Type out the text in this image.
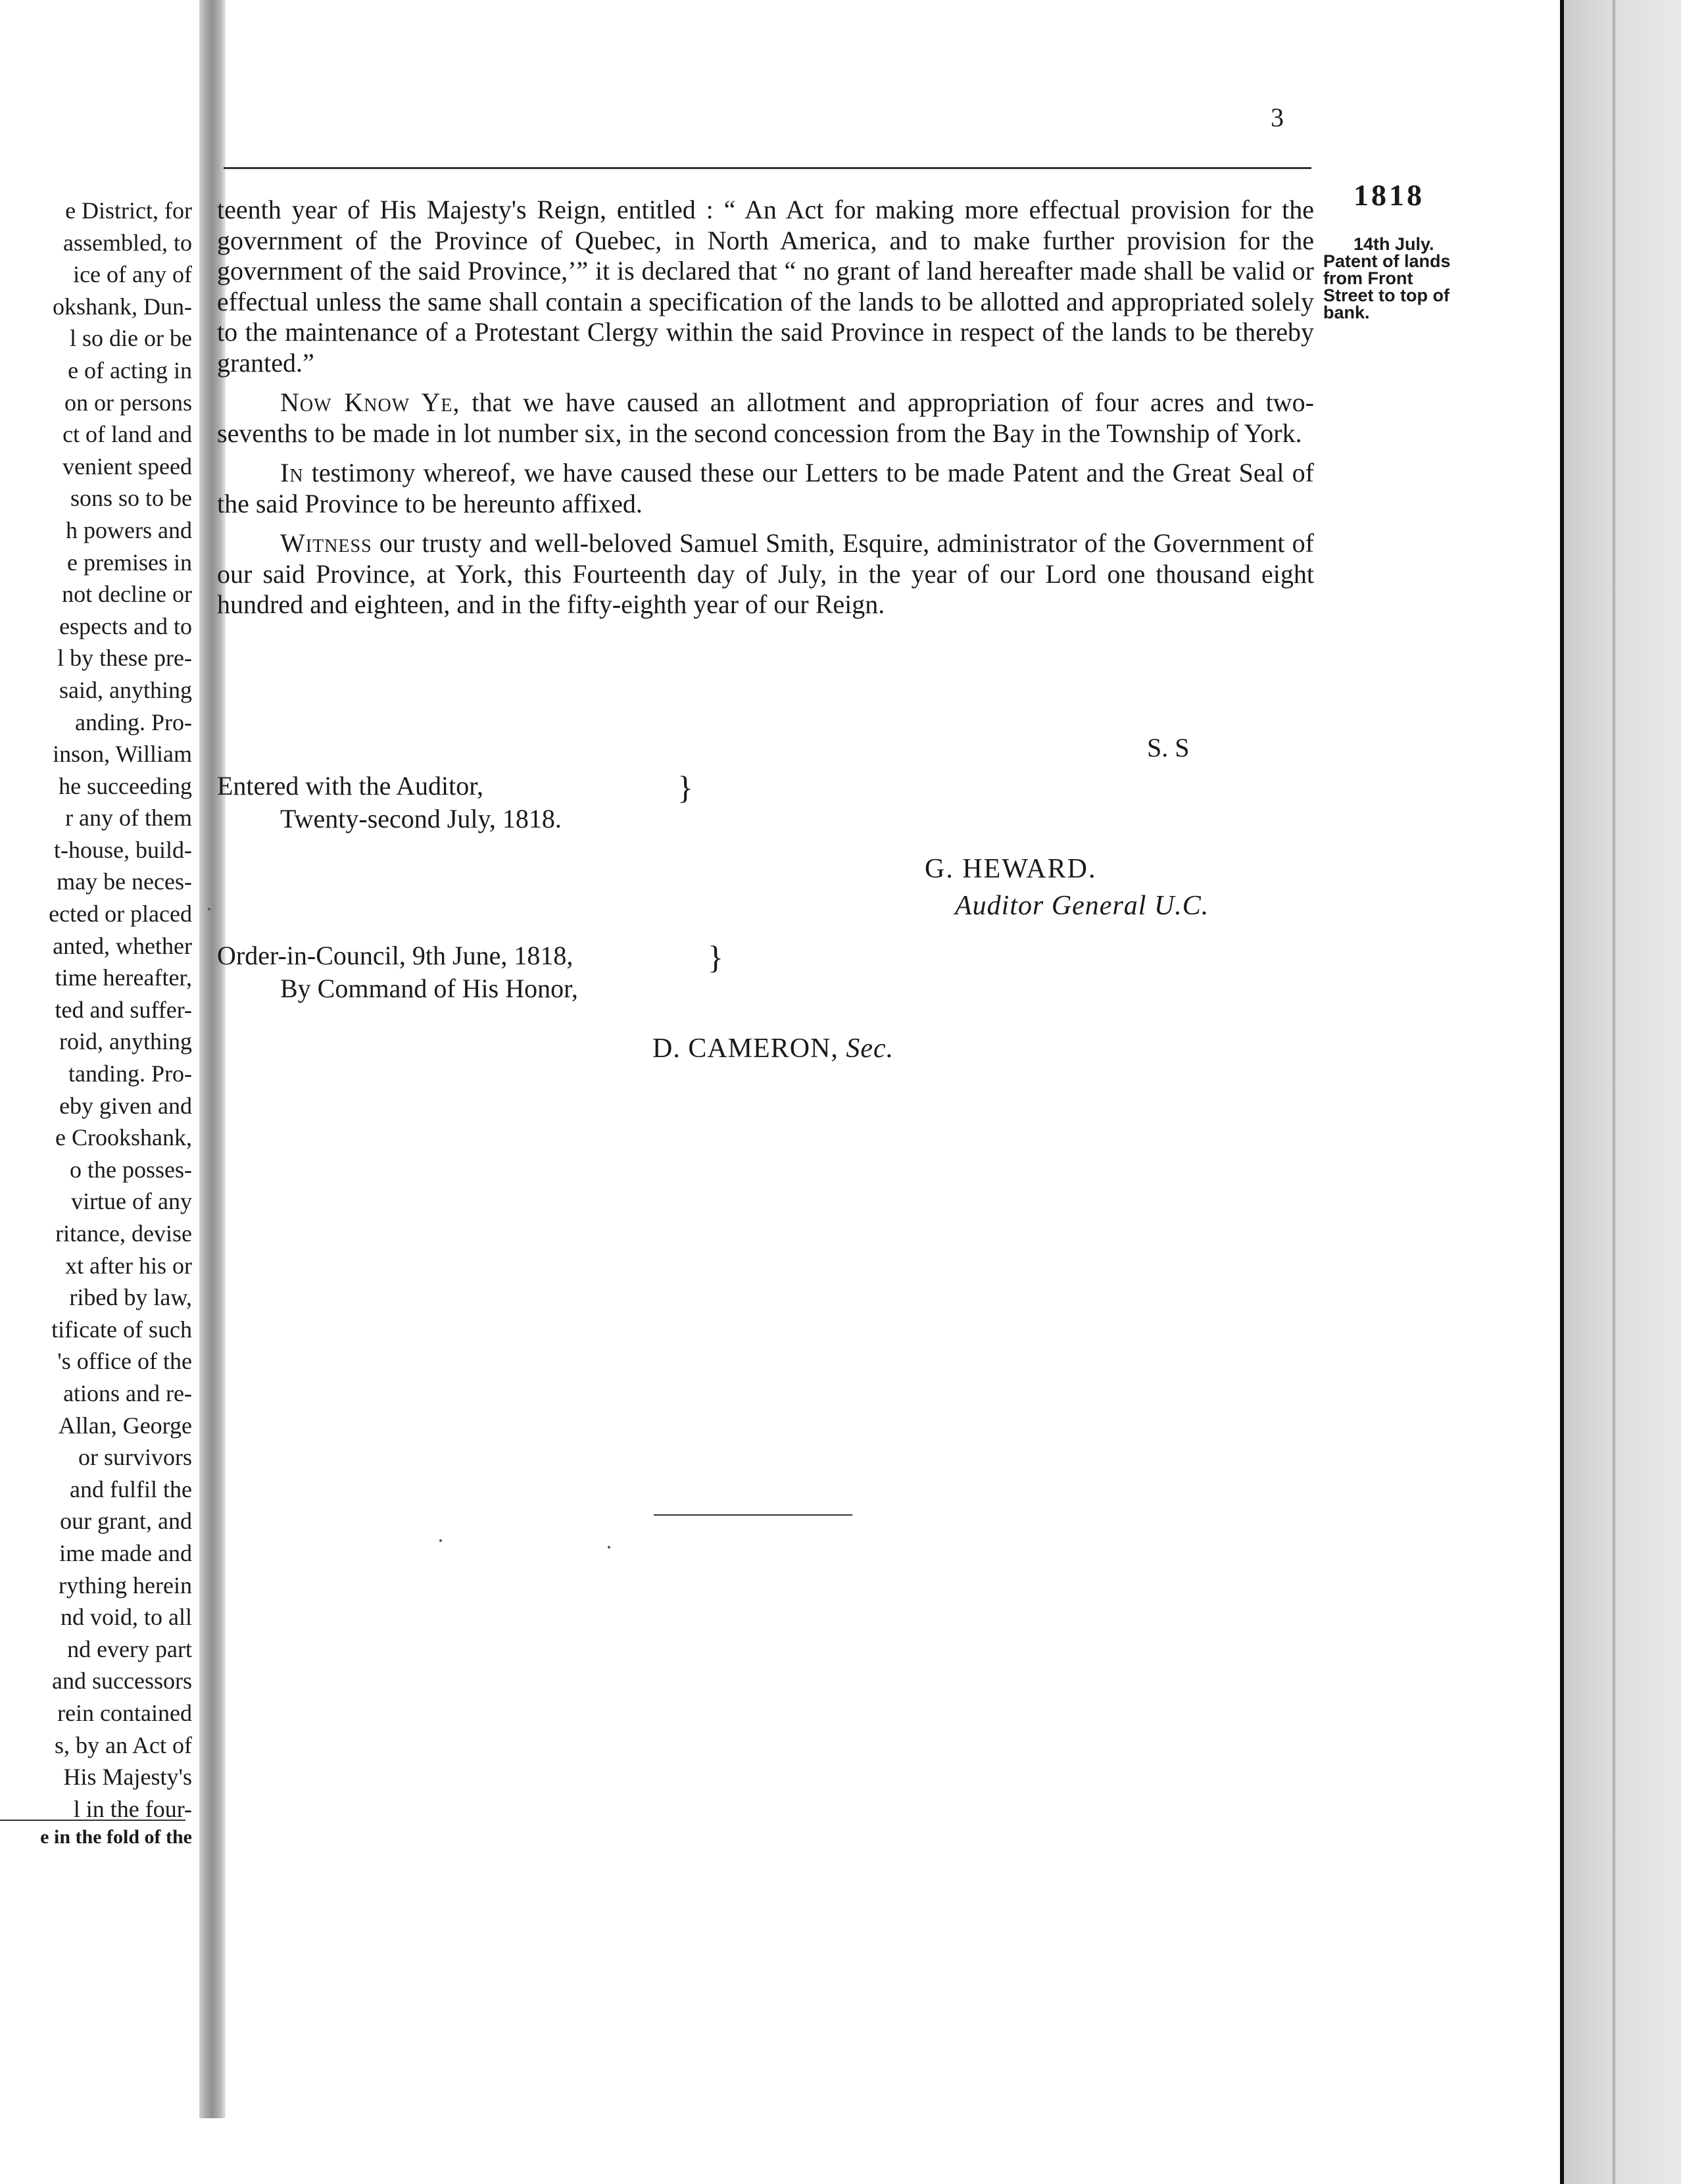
e District, for
assembled, to
ice of any of
okshank, Dun-
l so die or be
e of acting in
on or persons
ct of land and
venient speed
sons so to be
h powers and
e premises in
not decline or
espects and to
l by these pre-
said, anything
anding. Pro-
inson, William
he succeeding
r any of them
t-house, build-
may be neces-
ected or placed
anted, whether
time hereafter,
ted and suffer-
roid, anything
tanding. Pro-
eby given and
e Crookshank,
o the posses-
virtue of any
ritance, devise
xt after his or
ribed by law,
tificate of such
's office of the
ations and re-
Allan, George
or survivors
and fulfil the
our grant, and
ime made and
rything herein
nd void, to all
nd every part
and successors
rein contained
s, by an Act of
His Majesty's
l in the four-
e in the fold of the
3
1818
14th July.
Patent of lands
from Front
Street to top of
bank.

teenth year of His Majesty's Reign, entitled : “ An Act for making more effectual provision for the government of the Province of Quebec, in North America, and to make further provision for the government of the said Province,’” it is declared that “ no grant of land hereafter made shall be valid or effectual unless the same shall contain a specification of the lands to be allotted and appropriated solely to the maintenance of a Protestant Clergy within the said Province in respect of the lands to be thereby granted.”

Now Know Ye, that we have caused an allotment and appropriation of four acres and two-sevenths to be made in lot number six, in the second concession from the Bay in the Township of York.

In testimony whereof, we have caused these our Letters to be made Patent and the Great Seal of the said Province to be hereunto affixed.

Witness our trusty and well-beloved Samuel Smith, Esquire, administrator of the Government of our said Province, at York, this Fourteenth day of July, in the year of our Lord one thousand eight hundred and eighteen, and in the fifty-eighth year of our Reign.

S. S
Entered with the Auditor,
Twenty-second July, 1818.
}
G. HEWARD.
Auditor General U.C.
Order-in-Council, 9th June, 1818,
By Command of His Honor,
}
D. CAMERON, Sec.
